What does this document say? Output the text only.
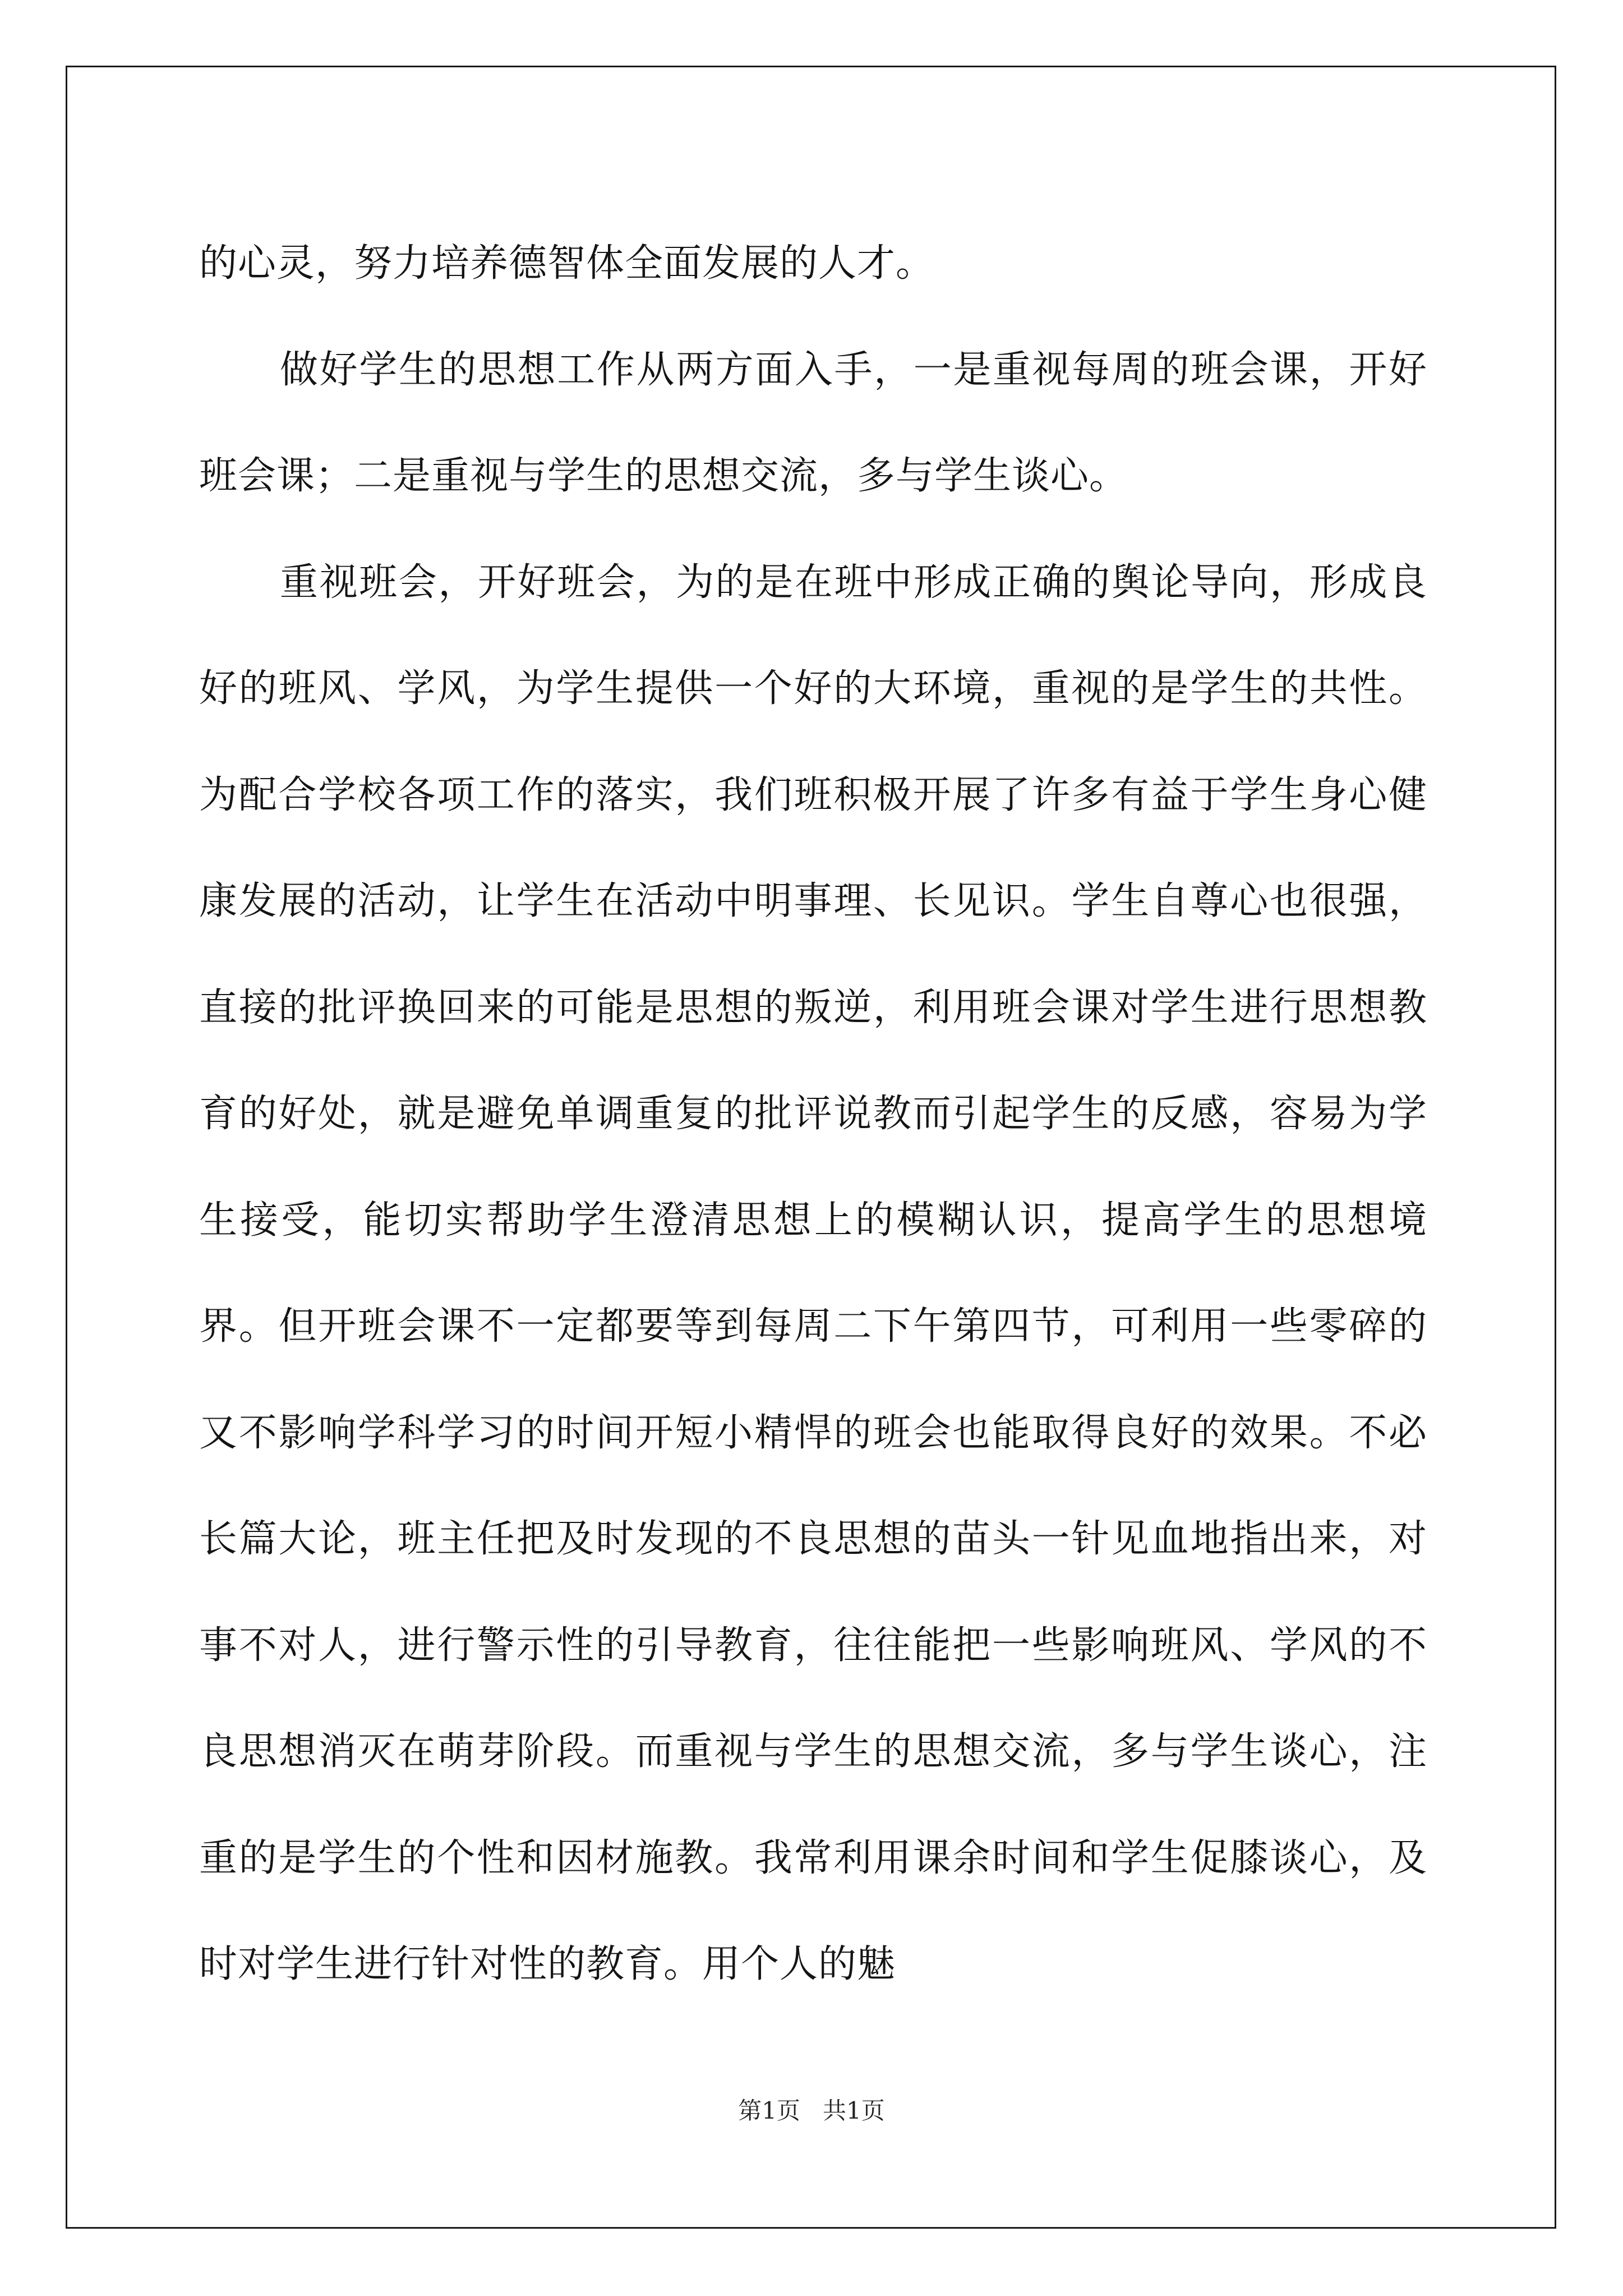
的心灵，努力培养德智体全面发展的人才。

做好学生的思想工作从两方面入手，一是重视每周的班会课，开好班会课；二是重视与学生的思想交流，多与学生谈心。

重视班会，开好班会，为的是在班中形成正确的舆论导向，形成良好的班风、学风，为学生提供一个好的大环境，重视的是学生的共性。为配合学校各项工作的落实，我们班积极开展了许多有益于学生身心健康发展的活动，让学生在活动中明事理、长见识。学生自尊心也很强，直接的批评换回来的可能是思想的叛逆，利用班会课对学生进行思想教育的好处，就是避免单调重复的批评说教而引起学生的反感，容易为学生接受，能切实帮助学生澄清思想上的模糊认识，提高学生的思想境界。但开班会课不一定都要等到每周二下午第四节，可利用一些零碎的又不影响学科学习的时间开短小精悍的班会也能取得良好的效果。不必长篇大论，班主任把及时发现的不良思想的苗头一针见血地指出来，对事不对人，进行警示性的引导教育，往往能把一些影响班风、学风的不良思想消灭在萌芽阶段。而重视与学生的思想交流，多与学生谈心，注重的是学生的个性和因材施教。我常利用课余时间和学生促膝谈心，及时对学生进行针对性的教育。用个人的魅

第1页   共1页
